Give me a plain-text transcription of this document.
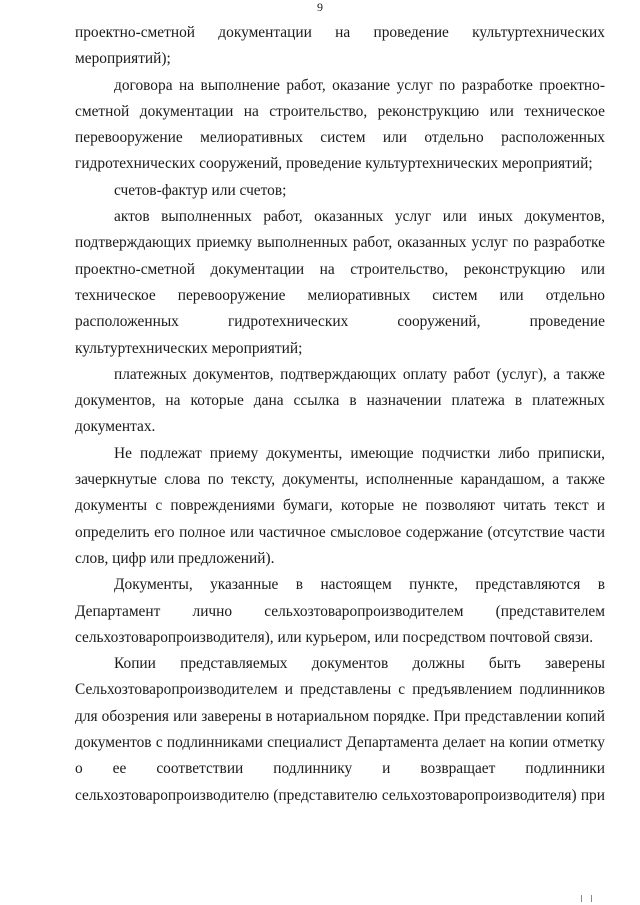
9

проектно-сметной документации на проведение культуртехнических мероприятий);

договора на выполнение работ, оказание услуг по разработке проектно-сметной документации на строительство, реконструкцию или техническое перевооружение мелиоративных систем или отдельно расположенных гидротехнических сооружений, проведение культуртехнических мероприятий;

счетов-фактур или счетов;

актов выполненных работ, оказанных услуг или иных документов, подтверждающих приемку выполненных работ, оказанных услуг по разработке проектно-сметной документации на строительство, реконструкцию или техническое перевооружение мелиоративных систем или отдельно расположенных гидротехнических сооружений, проведение культуртехнических мероприятий;

платежных документов, подтверждающих оплату работ (услуг), а также документов, на которые дана ссылка в назначении платежа в платежных документах.

Не подлежат приему документы, имеющие подчистки либо приписки, зачеркнутые слова по тексту, документы, исполненные карандашом, а также документы с повреждениями бумаги, которые не позволяют читать текст и определить его полное или частичное смысловое содержание (отсутствие части слов, цифр или предложений).

Документы, указанные в настоящем пункте, представляются в Департамент лично сельхозтоваропроизводителем (представителем сельхозтоваропроизводителя), или курьером, или посредством почтовой связи.

Копии представляемых документов должны быть заверены Сельхозтоваропроизводителем и представлены с предъявлением подлинников для обозрения или заверены в нотариальном порядке. При представлении копий документов с подлинниками специалист Департамента делает на копии отметку о ее соответствии подлиннику и возвращает подлинники сельхозтоваропроизводителю (представителю сельхозтоваропроизводителя) при
